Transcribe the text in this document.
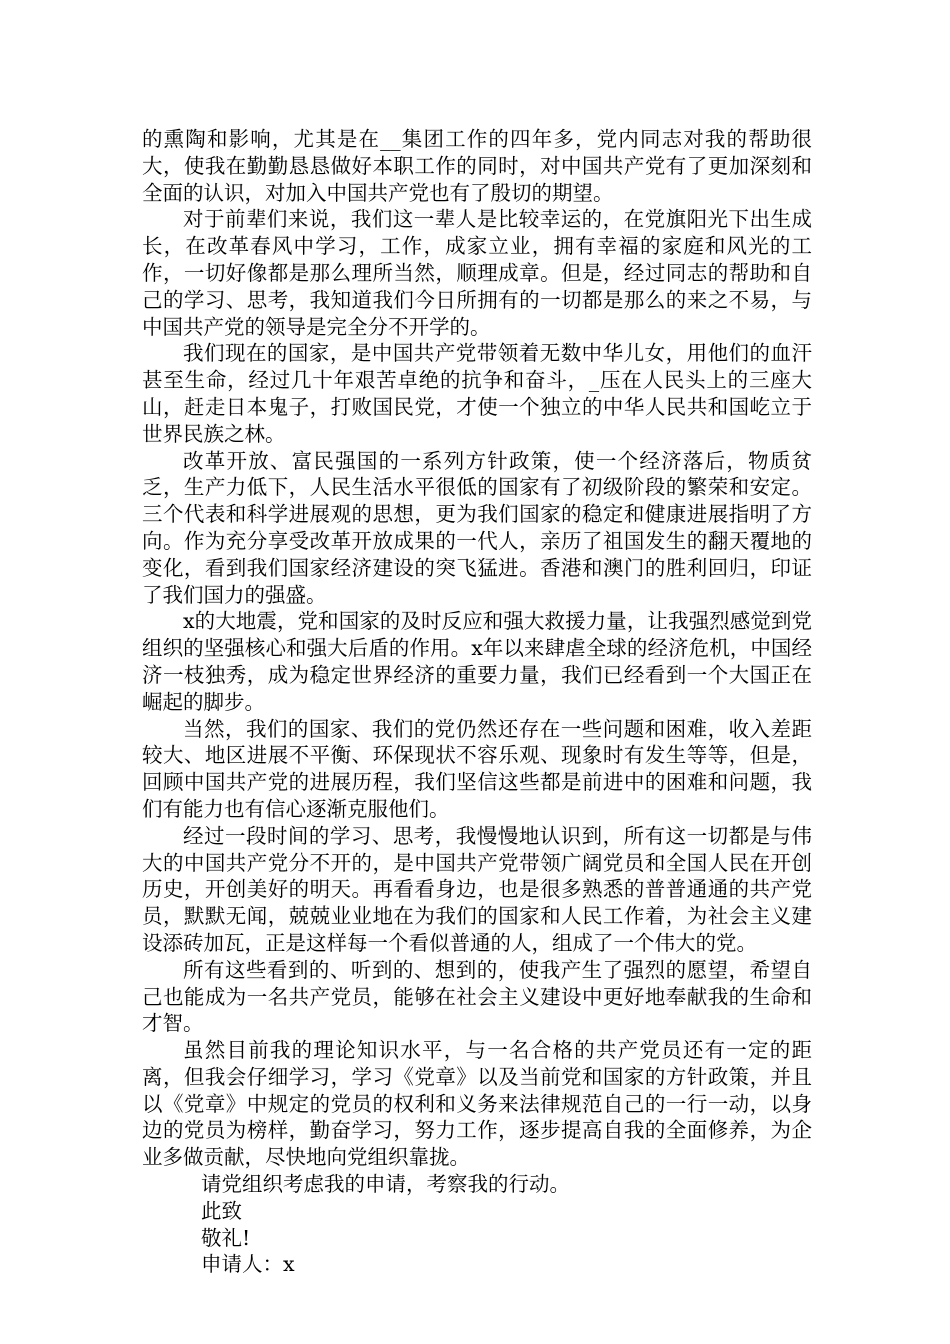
的熏陶和影响，尤其是在__集团工作的四年多，党内同志对我的帮助很大，使我在勤勤恳恳做好本职工作的同时，对中国共产党有了更加深刻和全面的认识，对加入中国共产党也有了殷切的期望。
对于前辈们来说，我们这一辈人是比较幸运的，在党旗阳光下出生成长，在改革春风中学习，工作，成家立业，拥有幸福的家庭和风光的工作，一切好像都是那么理所当然，顺理成章。但是，经过同志的帮助和自己的学习、思考，我知道我们今日所拥有的一切都是那么的来之不易，与中国共产党的领导是完全分不开学的。
我们现在的国家，是中国共产党带领着无数中华儿女，用他们的血汗甚至生命，经过几十年艰苦卓绝的抗争和奋斗，_压在人民头上的三座大山，赶走日本鬼子，打败国民党，才使一个独立的中华人民共和国屹立于世界民族之林。
改革开放、富民强国的一系列方针政策，使一个经济落后，物质贫乏，生产力低下，人民生活水平很低的国家有了初级阶段的繁荣和安定。三个代表和科学进展观的思想，更为我们国家的稳定和健康进展指明了方向。作为充分享受改革开放成果的一代人，亲历了祖国发生的翻天覆地的变化，看到我们国家经济建设的突飞猛进。香港和澳门的胜利回归，印证了我们国力的强盛。
x的大地震，党和国家的及时反应和强大救援力量，让我强烈感觉到党组织的坚强核心和强大后盾的作用。x年以来肆虐全球的经济危机，中国经济一枝独秀，成为稳定世界经济的重要力量，我们已经看到一个大国正在崛起的脚步。
当然，我们的国家、我们的党仍然还存在一些问题和困难，收入差距较大、地区进展不平衡、环保现状不容乐观、现象时有发生等等，但是，回顾中国共产党的进展历程，我们坚信这些都是前进中的困难和问题，我们有能力也有信心逐渐克服他们。
经过一段时间的学习、思考，我慢慢地认识到，所有这一切都是与伟大的中国共产党分不开的，是中国共产党带领广阔党员和全国人民在开创历史，开创美好的明天。再看看身边，也是很多熟悉的普普通通的共产党员，默默无闻，兢兢业业地在为我们的国家和人民工作着，为社会主义建设添砖加瓦，正是这样每一个看似普通的人，组成了一个伟大的党。
所有这些看到的、听到的、想到的，使我产生了强烈的愿望，希望自己也能成为一名共产党员，能够在社会主义建设中更好地奉献我的生命和才智。
虽然目前我的理论知识水平，与一名合格的共产党员还有一定的距离，但我会仔细学习，学习《党章》以及当前党和国家的方针政策，并且以《党章》中规定的党员的权利和义务来法律规范自己的一行一动，以身边的党员为榜样，勤奋学习，努力工作，逐步提高自我的全面修养，为企业多做贡献，尽快地向党组织靠拢。
请党组织考虑我的申请，考察我的行动。
此致
敬礼!
申请人：x
